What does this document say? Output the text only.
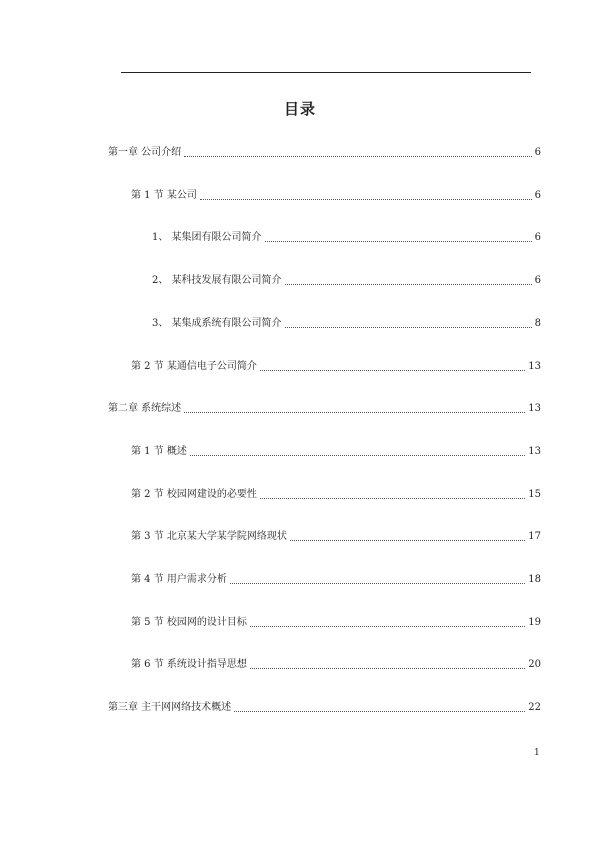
目录
第一章 公司介绍	6
第 1 节 某公司	6
1、 某集团有限公司简介	6
2、 某科技发展有限公司简介	6
3、 某集成系统有限公司简介	8
第 2 节 某通信电子公司简介	13
第二章 系统综述	13
第 1 节 概述	13
第 2 节 校园网建设的必要性	15
第 3 节 北京某大学某学院网络现状	17
第 4 节 用户需求分析	18
第 5 节 校园网的设计目标	19
第 6 节 系统设计指导思想	20
第三章 主干网网络技术概述	22
1
